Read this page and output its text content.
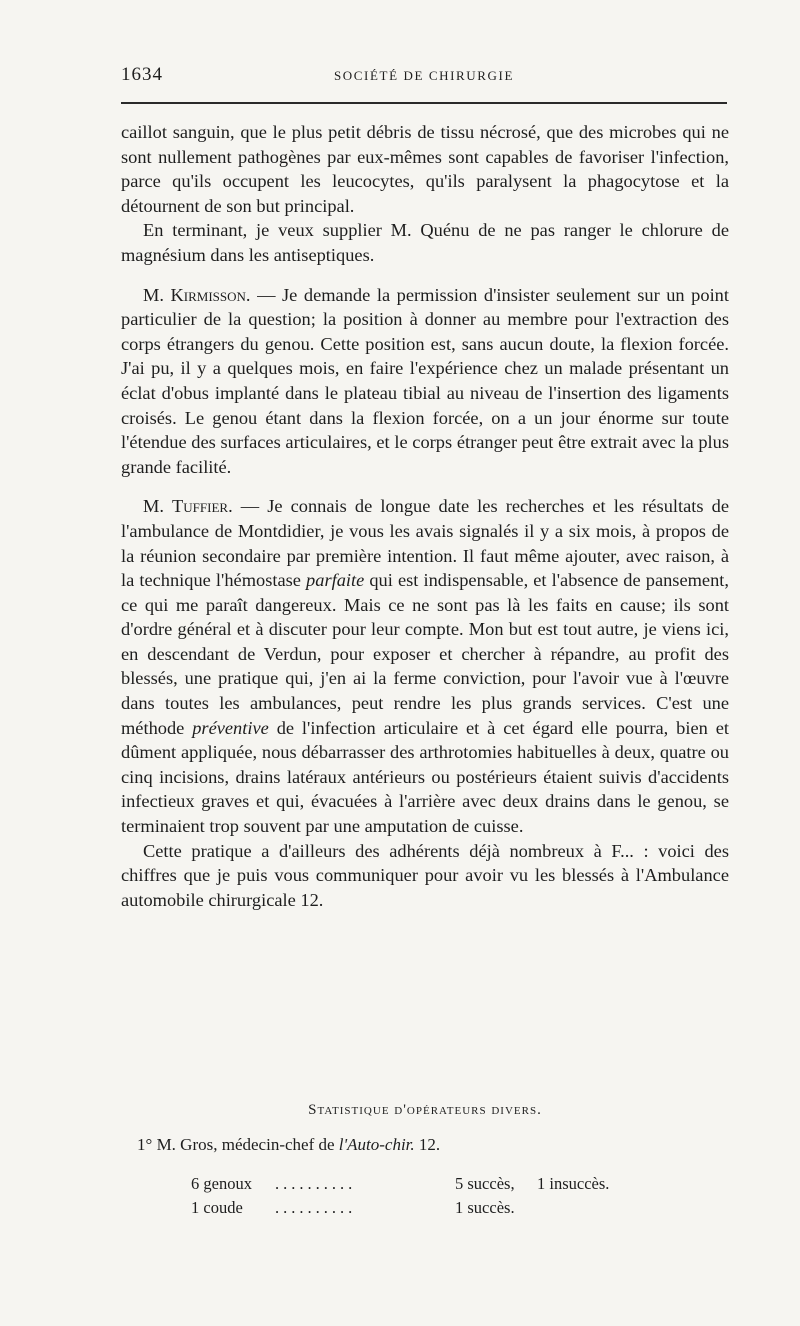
1634	SOCIÉTÉ DE CHIRURGIE

caillot sanguin, que le plus petit débris de tissu nécrosé, que des microbes qui ne sont nullement pathogènes par eux-mêmes sont capables de favoriser l'infection, parce qu'ils occupent les leucocytes, qu'ils paralysent la phagocytose et la détournent de son but principal.

En terminant, je veux supplier M. Quénu de ne pas ranger le chlorure de magnésium dans les antiseptiques.

M. Kirmisson. — Je demande la permission d'insister seulement sur un point particulier de la question; la position à donner au membre pour l'extraction des corps étrangers du genou. Cette position est, sans aucun doute, la flexion forcée. J'ai pu, il y a quelques mois, en faire l'expérience chez un malade présentant un éclat d'obus implanté dans le plateau tibial au niveau de l'insertion des ligaments croisés. Le genou étant dans la flexion forcée, on a un jour énorme sur toute l'étendue des surfaces articulaires, et le corps étranger peut être extrait avec la plus grande facilité.

M. Tuffier. — Je connais de longue date les recherches et les résultats de l'ambulance de Montdidier, je vous les avais signalés il y a six mois, à propos de la réunion secondaire par première intention. Il faut même ajouter, avec raison, à la technique l'hémostase parfaite qui est indispensable, et l'absence de pansement, ce qui me paraît dangereux. Mais ce ne sont pas là les faits en cause; ils sont d'ordre général et à discuter pour leur compte. Mon but est tout autre, je viens ici, en descendant de Verdun, pour exposer et chercher à répandre, au profit des blessés, une pratique qui, j'en ai la ferme conviction, pour l'avoir vue à l'œuvre dans toutes les ambulances, peut rendre les plus grands services. C'est une méthode préventive de l'infection articulaire et à cet égard elle pourra, bien et dûment appliquée, nous débarrasser des arthrotomies habituelles à deux, quatre ou cinq incisions, drains latéraux antérieurs ou postérieurs étaient suivis d'accidents infectieux graves et qui, évacuées à l'arrière avec deux drains dans le genou, se terminaient trop souvent par une amputation de cuisse.

Cette pratique a d'ailleurs des adhérents déjà nombreux à F... : voici des chiffres que je puis vous communiquer pour avoir vu les blessés à l'Ambulance automobile chirurgicale 12.

Statistique d'opérateurs divers.
1° M. Gros, médecin-chef de l'Auto-chir. 12.
6 genoux	..........	5 succès,	1 insuccès.
1 coude	..........	1 succès.
